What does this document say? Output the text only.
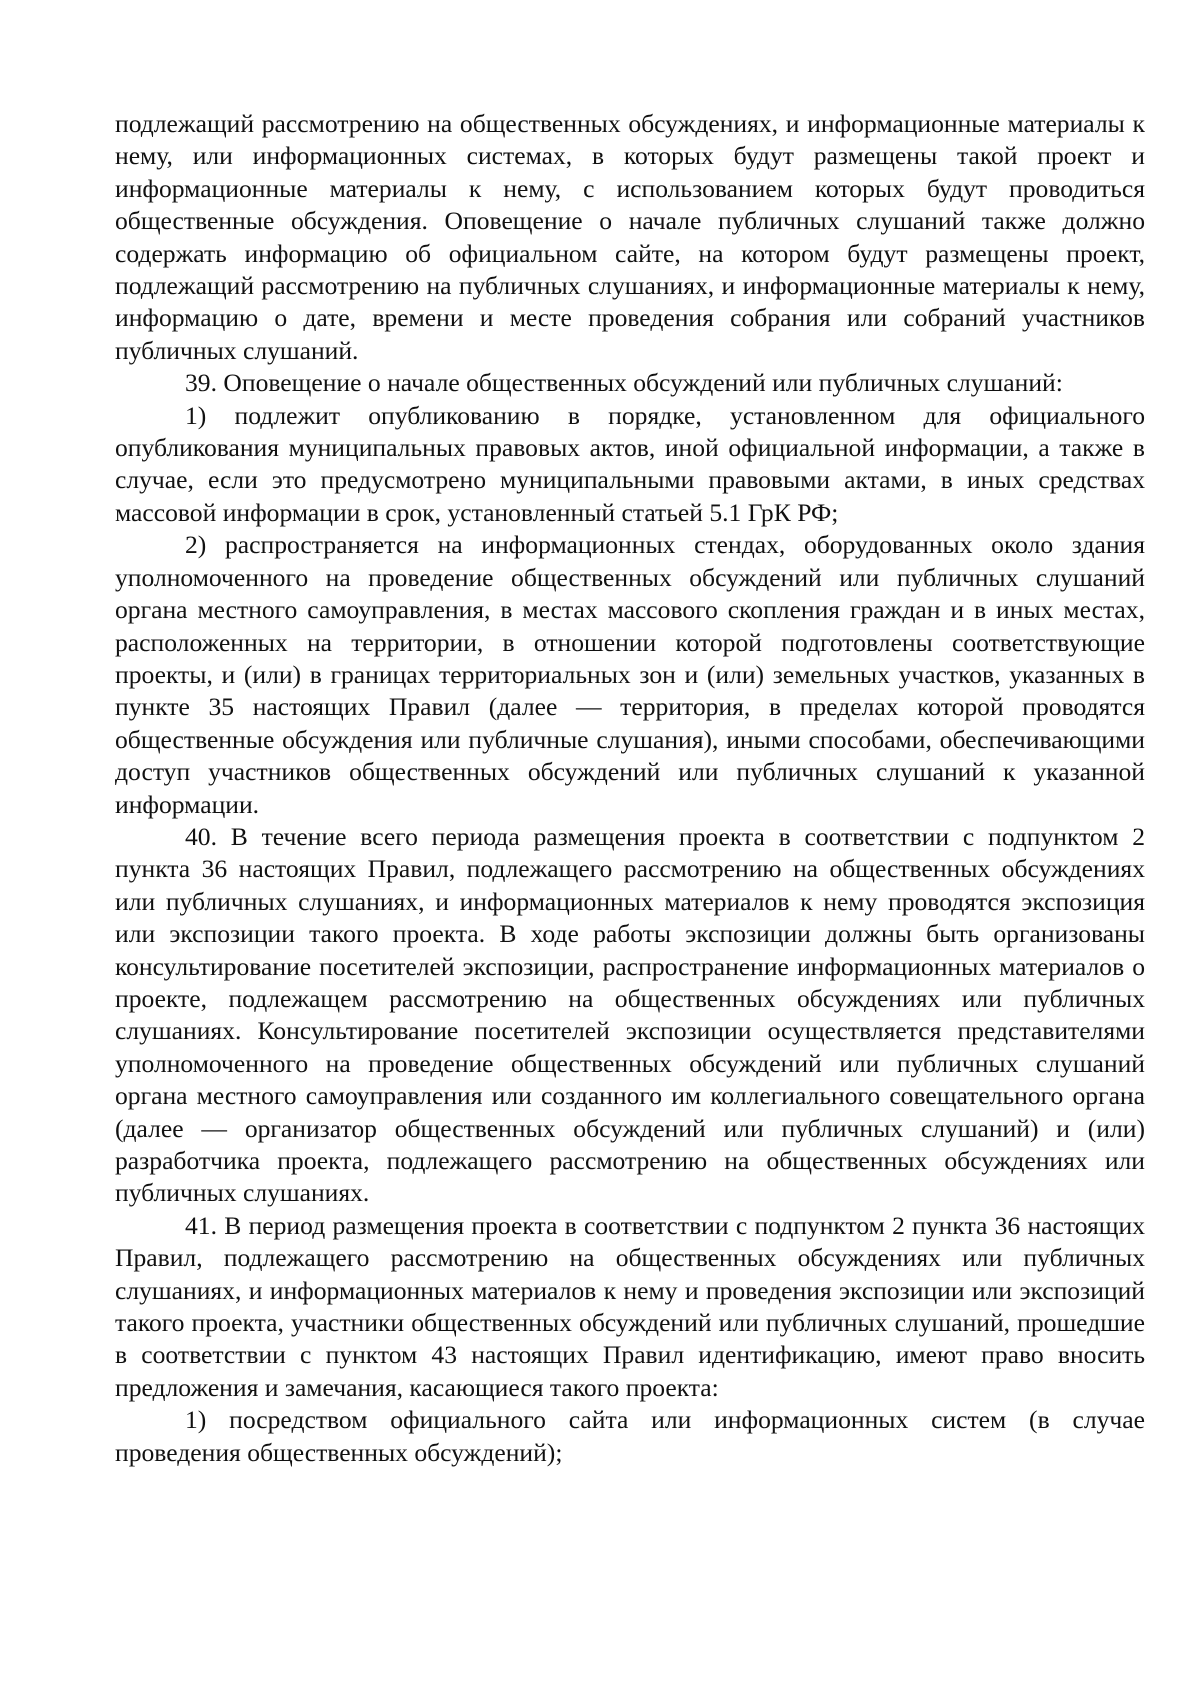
подлежащий рассмотрению на общественных обсуждениях, и информационные материалы к нему, или информационных системах, в которых будут размещены такой проект и информационные материалы к нему, с использованием которых будут проводиться общественные обсуждения. Оповещение о начале публичных слушаний также должно содержать информацию об официальном сайте, на котором будут размещены проект, подлежащий рассмотрению на публичных слушаниях, и информационные материалы к нему, информацию о дате, времени и месте проведения собрания или собраний участников публичных слушаний.

39. Оповещение о начале общественных обсуждений или публичных слушаний:

1) подлежит опубликованию в порядке, установленном для официального опубликования муниципальных правовых актов, иной официальной информации, а также в случае, если это предусмотрено муниципальными правовыми актами, в иных средствах массовой информации в срок, установленный статьей 5.1 ГрК РФ;

2) распространяется на информационных стендах, оборудованных около здания уполномоченного на проведение общественных обсуждений или публичных слушаний органа местного самоуправления, в местах массового скопления граждан и в иных местах, расположенных на территории, в отношении которой подготовлены соответствующие проекты, и (или) в границах территориальных зон и (или) земельных участков, указанных в пункте 35 настоящих Правил (далее — территория, в пределах которой проводятся общественные обсуждения или публичные слушания), иными способами, обеспечивающими доступ участников общественных обсуждений или публичных слушаний к указанной информации.

40. В течение всего периода размещения проекта в соответствии с подпунктом 2 пункта 36 настоящих Правил, подлежащего рассмотрению на общественных обсуждениях или публичных слушаниях, и информационных материалов к нему проводятся экспозиция или экспозиции такого проекта. В ходе работы экспозиции должны быть организованы консультирование посетителей экспозиции, распространение информационных материалов о проекте, подлежащем рассмотрению на общественных обсуждениях или публичных слушаниях. Консультирование посетителей экспозиции осуществляется представителями уполномоченного на проведение общественных обсуждений или публичных слушаний органа местного самоуправления или созданного им коллегиального совещательного органа (далее — организатор общественных обсуждений или публичных слушаний) и (или) разработчика проекта, подлежащего рассмотрению на общественных обсуждениях или публичных слушаниях.

41. В период размещения проекта в соответствии с подпунктом 2 пункта 36 настоящих Правил, подлежащего рассмотрению на общественных обсуждениях или публичных слушаниях, и информационных материалов к нему и проведения экспозиции или экспозиций такого проекта, участники общественных обсуждений или публичных слушаний, прошедшие в соответствии с пунктом 43 настоящих Правил идентификацию, имеют право вносить предложения и замечания, касающиеся такого проекта:

1) посредством официального сайта или информационных систем (в случае проведения общественных обсуждений);
